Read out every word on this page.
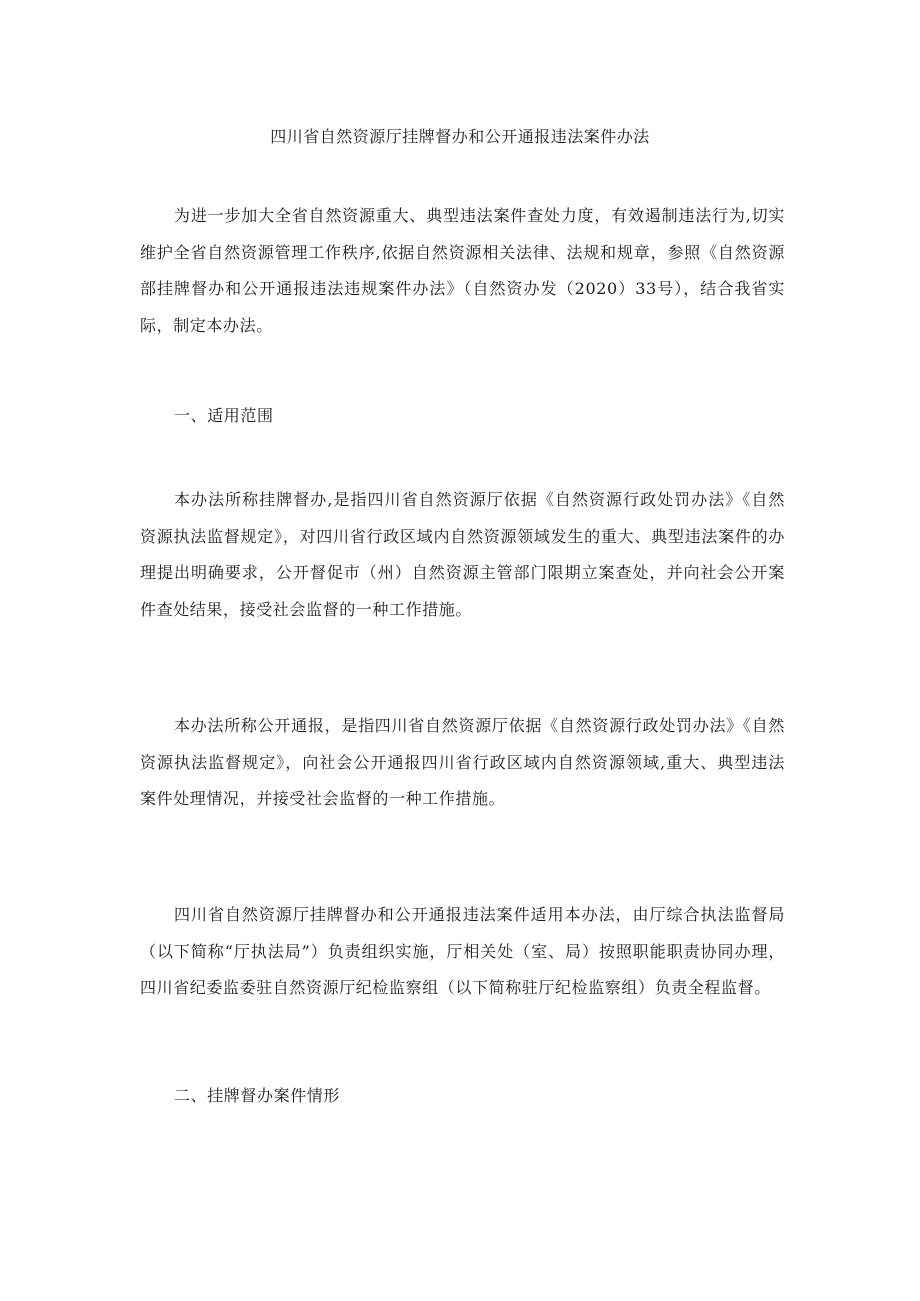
四川省自然资源厅挂牌督办和公开通报违法案件办法

为进一步加大全省自然资源重大、典型违法案件查处力度，有效遏制违法行为,切实维护全省自然资源管理工作秩序,依据自然资源相关法律、法规和规章，参照《自然资源部挂牌督办和公开通报违法违规案件办法》（自然资办发（2020）33号），结合我省实际，制定本办法。

一、适用范围

本办法所称挂牌督办,是指四川省自然资源厅依据《自然资源行政处罚办法》《自然资源执法监督规定》，对四川省行政区域内自然资源领域发生的重大、典型违法案件的办理提出明确要求，公开督促市（州）自然资源主管部门限期立案查处，并向社会公开案件查处结果，接受社会监督的一种工作措施。

本办法所称公开通报，是指四川省自然资源厅依据《自然资源行政处罚办法》《自然资源执法监督规定》，向社会公开通报四川省行政区域内自然资源领域,重大、典型违法案件处理情况，并接受社会监督的一种工作措施。

四川省自然资源厅挂牌督办和公开通报违法案件适用本办法，由厅综合执法监督局（以下简称“厅执法局”）负责组织实施，厅相关处（室、局）按照职能职责协同办理，四川省纪委监委驻自然资源厅纪检监察组（以下简称驻厅纪检监察组）负责全程监督。

二、挂牌督办案件情形
